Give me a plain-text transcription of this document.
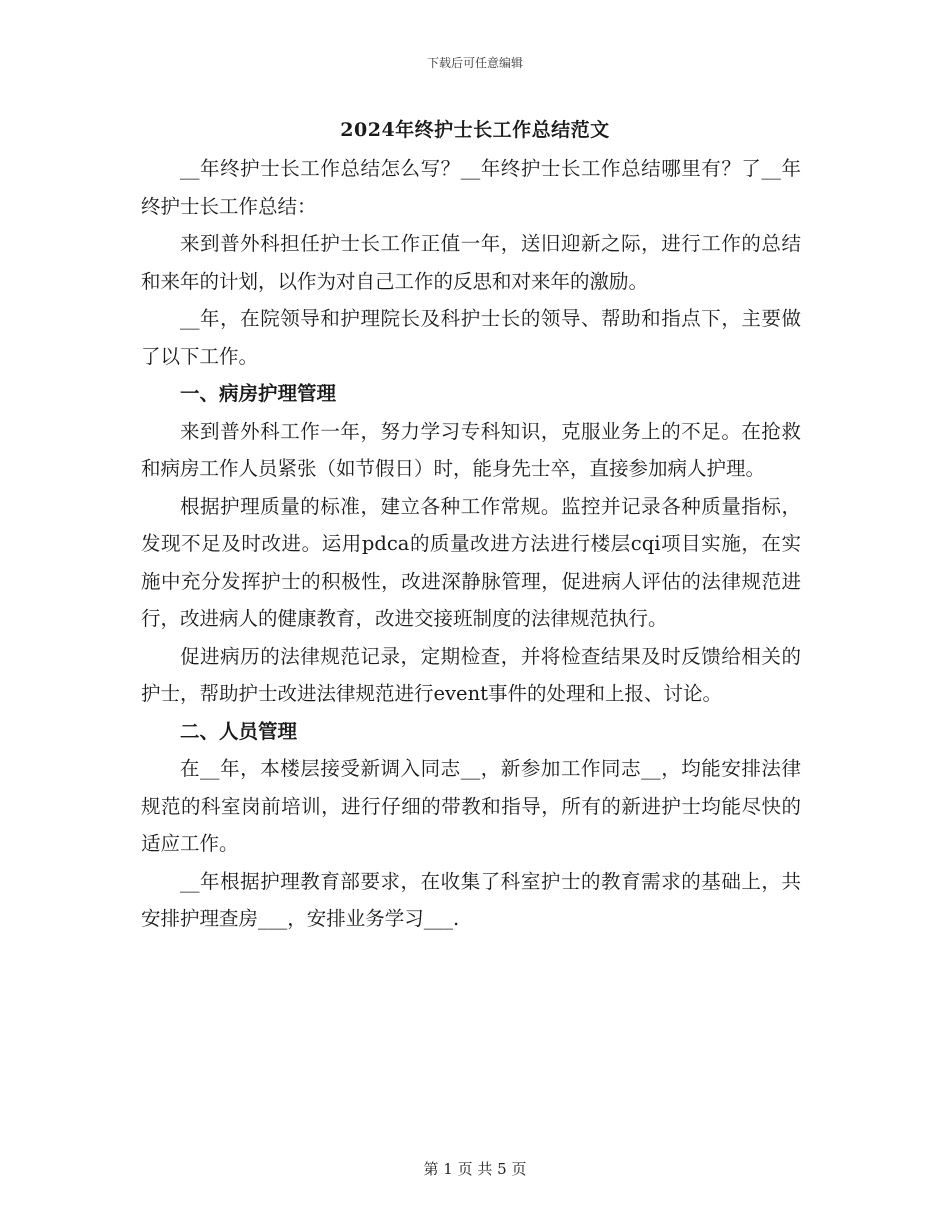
下载后可任意编辑
2024年终护士长工作总结范文

__年终护士长工作总结怎么写？__年终护士长工作总结哪里有？了__年终护士长工作总结：

来到普外科担任护士长工作正值一年，送旧迎新之际，进行工作的总结和来年的计划，以作为对自己工作的反思和对来年的激励。

__年，在院领导和护理院长及科护士长的领导、帮助和指点下，主要做了以下工作。

一、病房护理管理

来到普外科工作一年，努力学习专科知识，克服业务上的不足。在抢救和病房工作人员紧张（如节假日）时，能身先士卒，直接参加病人护理。

根据护理质量的标准，建立各种工作常规。监控并记录各种质量指标，发现不足及时改进。运用pdca的质量改进方法进行楼层cqi项目实施，在实施中充分发挥护士的积极性，改进深静脉管理，促进病人评估的法律规范进行，改进病人的健康教育，改进交接班制度的法律规范执行。

促进病历的法律规范记录，定期检查，并将检查结果及时反馈给相关的护士，帮助护士改进法律规范进行event事件的处理和上报、讨论。

二、人员管理

在__年，本楼层接受新调入同志__，新参加工作同志__，均能安排法律规范的科室岗前培训，进行仔细的带教和指导，所有的新进护士均能尽快的适应工作。

__年根据护理教育部要求，在收集了科室护士的教育需求的基础上，共安排护理查房___，安排业务学习___.

第 1 页 共 5 页
